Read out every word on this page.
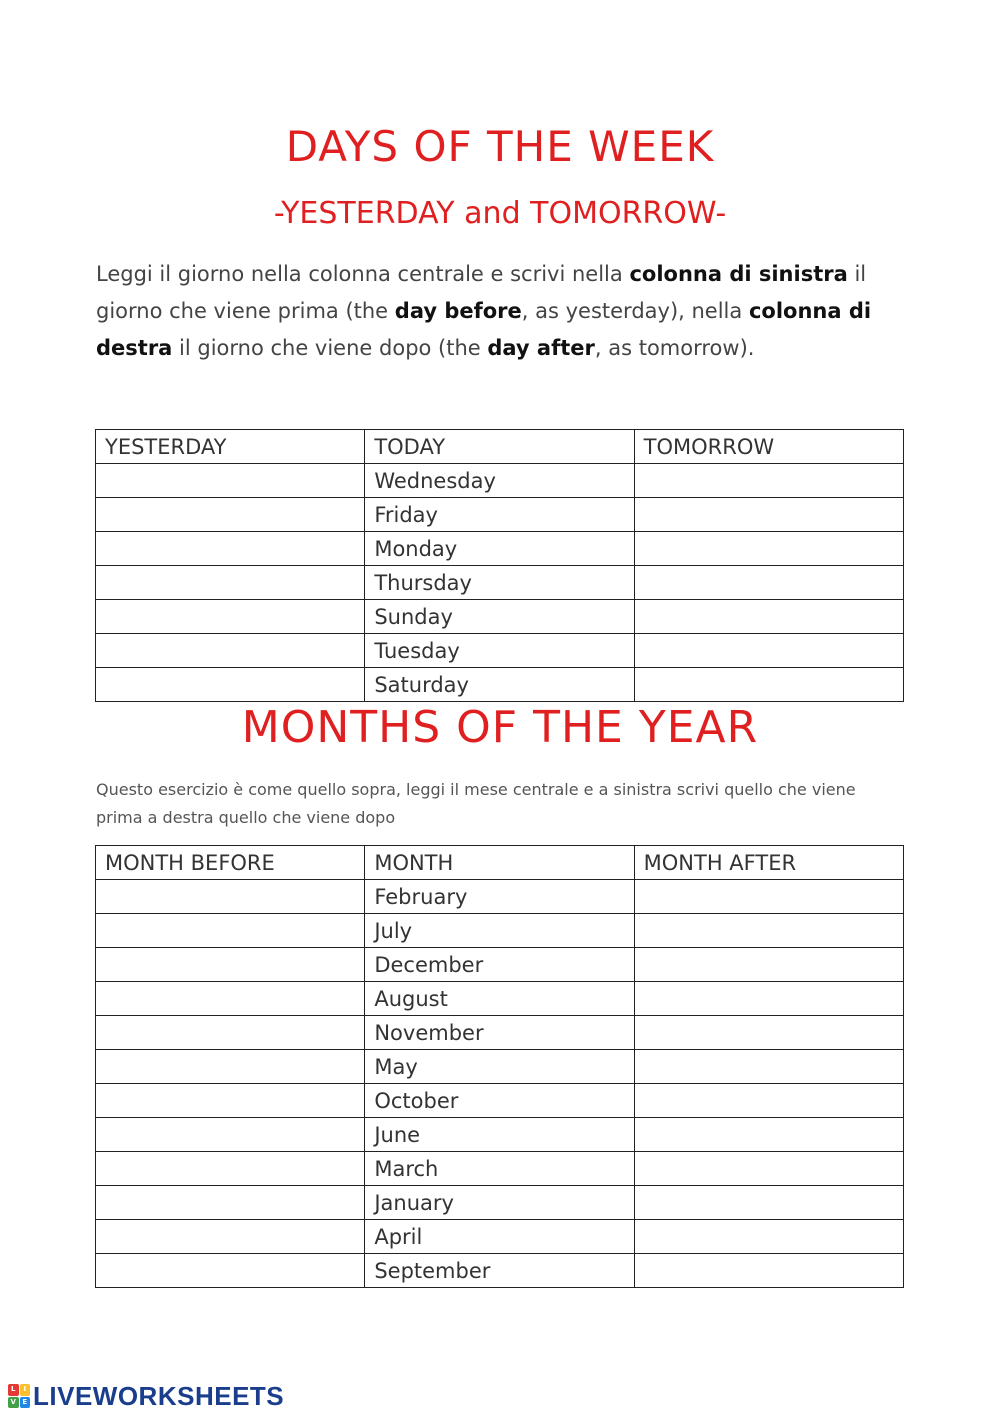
DAYS OF THE WEEK
-YESTERDAY and TOMORROW-
Leggi il giorno nella colonna centrale e scrivi nella colonna di sinistra il giorno che viene prima (the day before, as yesterday), nella colonna di destra il giorno che viene dopo (the day after, as tomorrow).
YESTERDAY	TODAY	TOMORROW
	Wednesday	
	Friday	
	Monday	
	Thursday	
	Sunday	
	Tuesday	
	Saturday	
MONTHS OF THE YEAR
Questo esercizio è come quello sopra, leggi il mese centrale e a sinistra scrivi quello che viene prima a destra quello che viene dopo
MONTH BEFORE	MONTH	MONTH AFTER
	February	
	July	
	December	
	August	
	November	
	May	
	October	
	June	
	March	
	January	
	April	
	September	
L	I
V E LIVEWORKSHEETS
